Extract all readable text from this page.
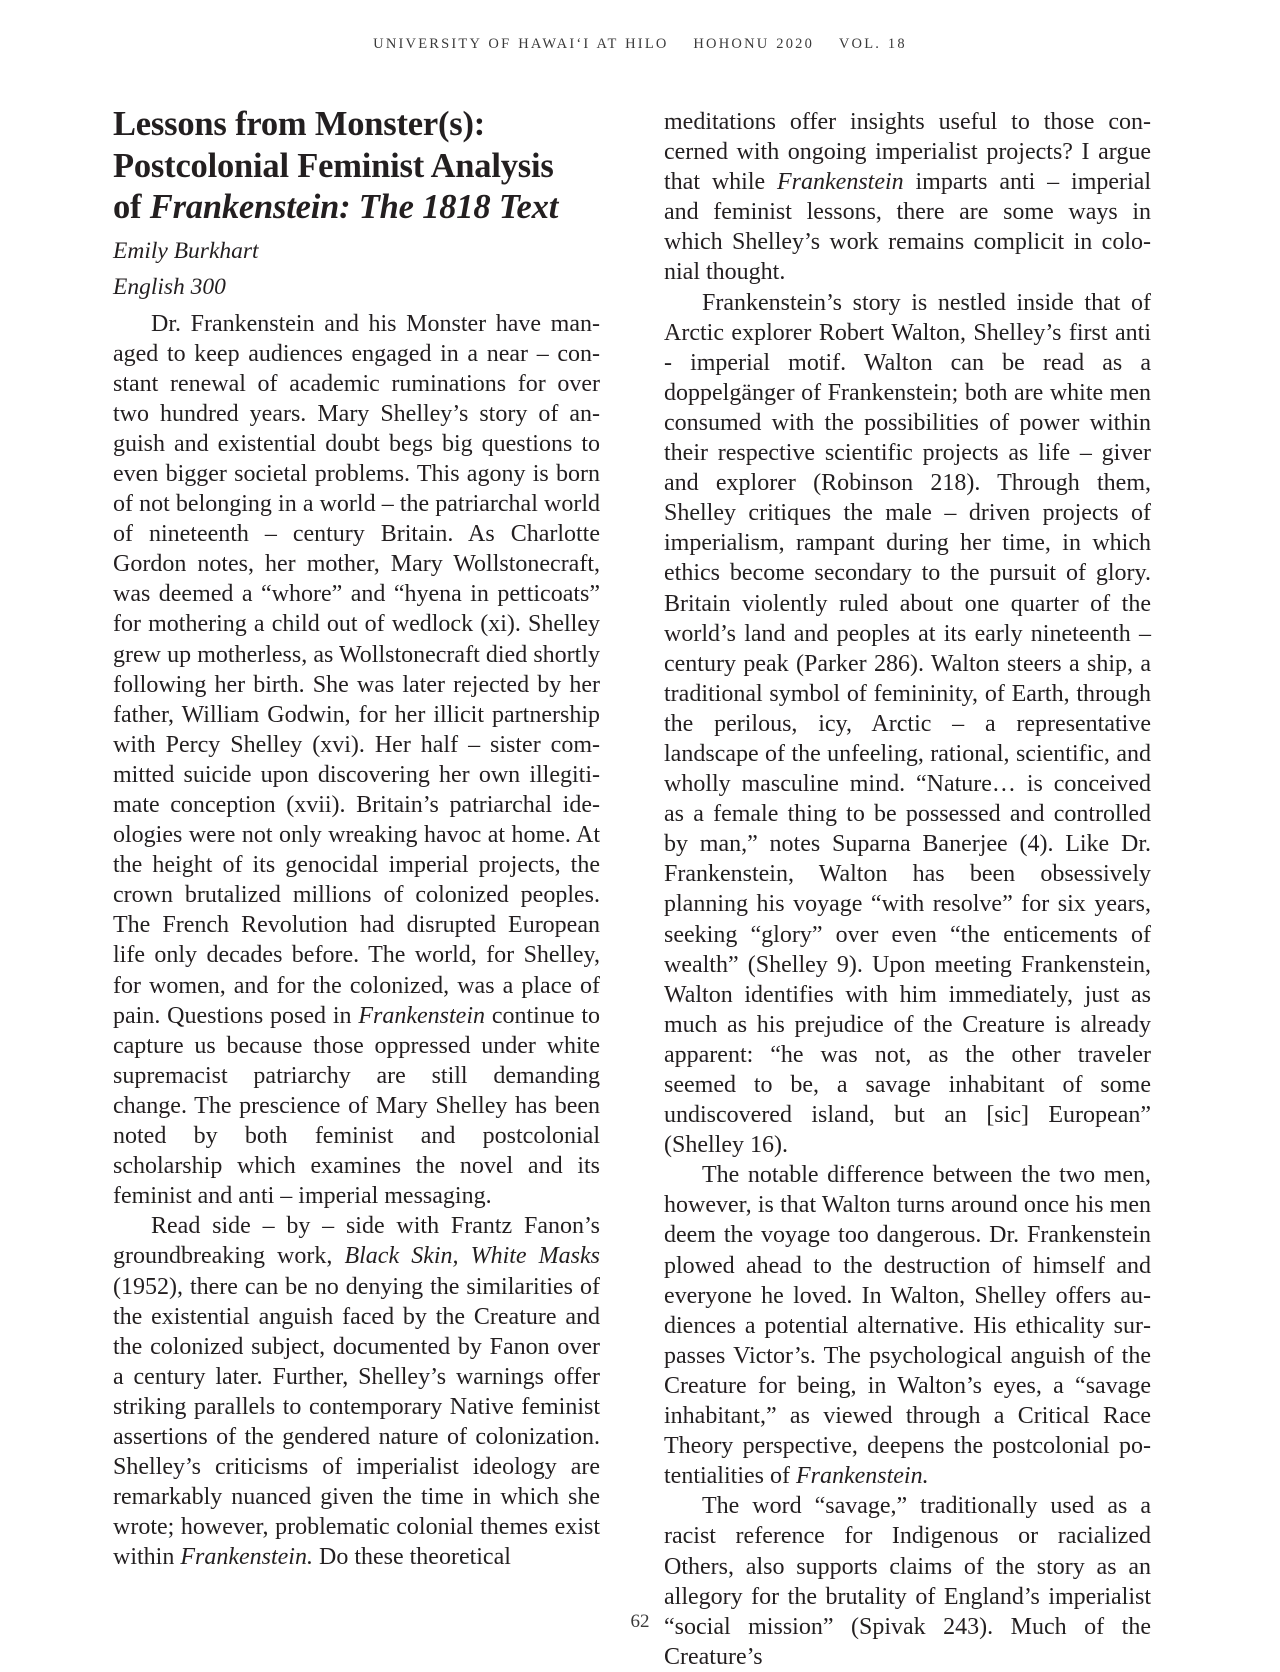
UNIVERSITY OF HAWAIʻI AT HILO HOHONU 2020 VOL. 18
Lessons from Monster(s):
Postcolonial Feminist Analysis
of Frankenstein: The 1818 Text

Emily Burkhart

English 300

Dr. Frankenstein and his Monster have managed to keep audiences engaged in a near – constant renewal of academic ruminations for over two hundred years. Mary Shelley’s story of anguish and existential doubt begs big questions to even bigger societal problems. This agony is born of not belonging in a world – the patriarchal world of nineteenth – century Britain. As Charlotte Gordon notes, her mother, Mary Wollstonecraft, was deemed a “whore” and “hyena in petticoats” for mothering a child out of wedlock (xi). Shelley grew up motherless, as Wollstonecraft died shortly following her birth. She was later rejected by her father, William Godwin, for her illicit partnership with Percy Shelley (xvi). Her half – sister committed suicide upon discovering her own illegitimate conception (xvii). Britain’s patriarchal ideologies were not only wreaking havoc at home. At the height of its genocidal imperial projects, the crown brutalized millions of colonized peoples. The French Revolution had disrupted European life only decades before. The world, for Shelley, for women, and for the colonized, was a place of pain. Questions posed in Frankenstein continue to capture us because those oppressed under white supremacist patriarchy are still demanding change. The prescience of Mary Shelley has been noted by both feminist and postcolonial scholarship which examines the novel and its feminist and anti – imperial messaging.

Read side – by – side with Frantz Fanon’s groundbreaking work, Black Skin, White Masks (1952), there can be no denying the similarities of the existential anguish faced by the Creature and the colonized subject, documented by Fanon over a century later. Further, Shelley’s warnings offer striking parallels to contemporary Native feminist assertions of the gendered nature of colonization. Shelley’s criticisms of imperialist ideology are remarkably nuanced given the time in which she wrote; however, problematic colonial themes exist within Frankenstein. Do these theoretical

meditations offer insights useful to those concerned with ongoing imperialist projects? I argue that while Frankenstein imparts anti – imperial and feminist lessons, there are some ways in which Shelley’s work remains complicit in colonial thought.

Frankenstein’s story is nestled inside that of Arctic explorer Robert Walton, Shelley’s first anti - imperial motif. Walton can be read as a doppelgänger of Frankenstein; both are white men consumed with the possibilities of power within their respective scientific projects as life – giver and explorer (Robinson 218). Through them, Shelley critiques the male – driven projects of imperialism, rampant during her time, in which ethics become secondary to the pursuit of glory. Britain violently ruled about one quarter of the world’s land and peoples at its early nineteenth – century peak (Parker 286). Walton steers a ship, a traditional symbol of femininity, of Earth, through the perilous, icy, Arctic – a representative landscape of the unfeeling, rational, scientific, and wholly masculine mind. “Nature… is conceived as a female thing to be possessed and controlled by man,” notes Suparna Banerjee (4). Like Dr. Frankenstein, Walton has been obsessively planning his voyage “with resolve” for six years, seeking “glory” over even “the enticements of wealth” (Shelley 9). Upon meeting Frankenstein, Walton identifies with him immediately, just as much as his prejudice of the Creature is already apparent: “he was not, as the other traveler seemed to be, a savage inhabitant of some undiscovered island, but an [sic] European” (Shelley 16).

The notable difference between the two men, however, is that Walton turns around once his men deem the voyage too dangerous. Dr. Frankenstein plowed ahead to the destruction of himself and everyone he loved. In Walton, Shelley offers audiences a potential alternative. His ethicality surpasses Victor’s. The psychological anguish of the Creature for being, in Walton’s eyes, a “savage inhabitant,” as viewed through a Critical Race Theory perspective, deepens the postcolonial potentialities of Frankenstein.

The word “savage,” traditionally used as a racist reference for Indigenous or racialized Others, also supports claims of the story as an allegory for the brutality of England’s imperialist “social mission” (Spivak 243). Much of the Creature’s

62
